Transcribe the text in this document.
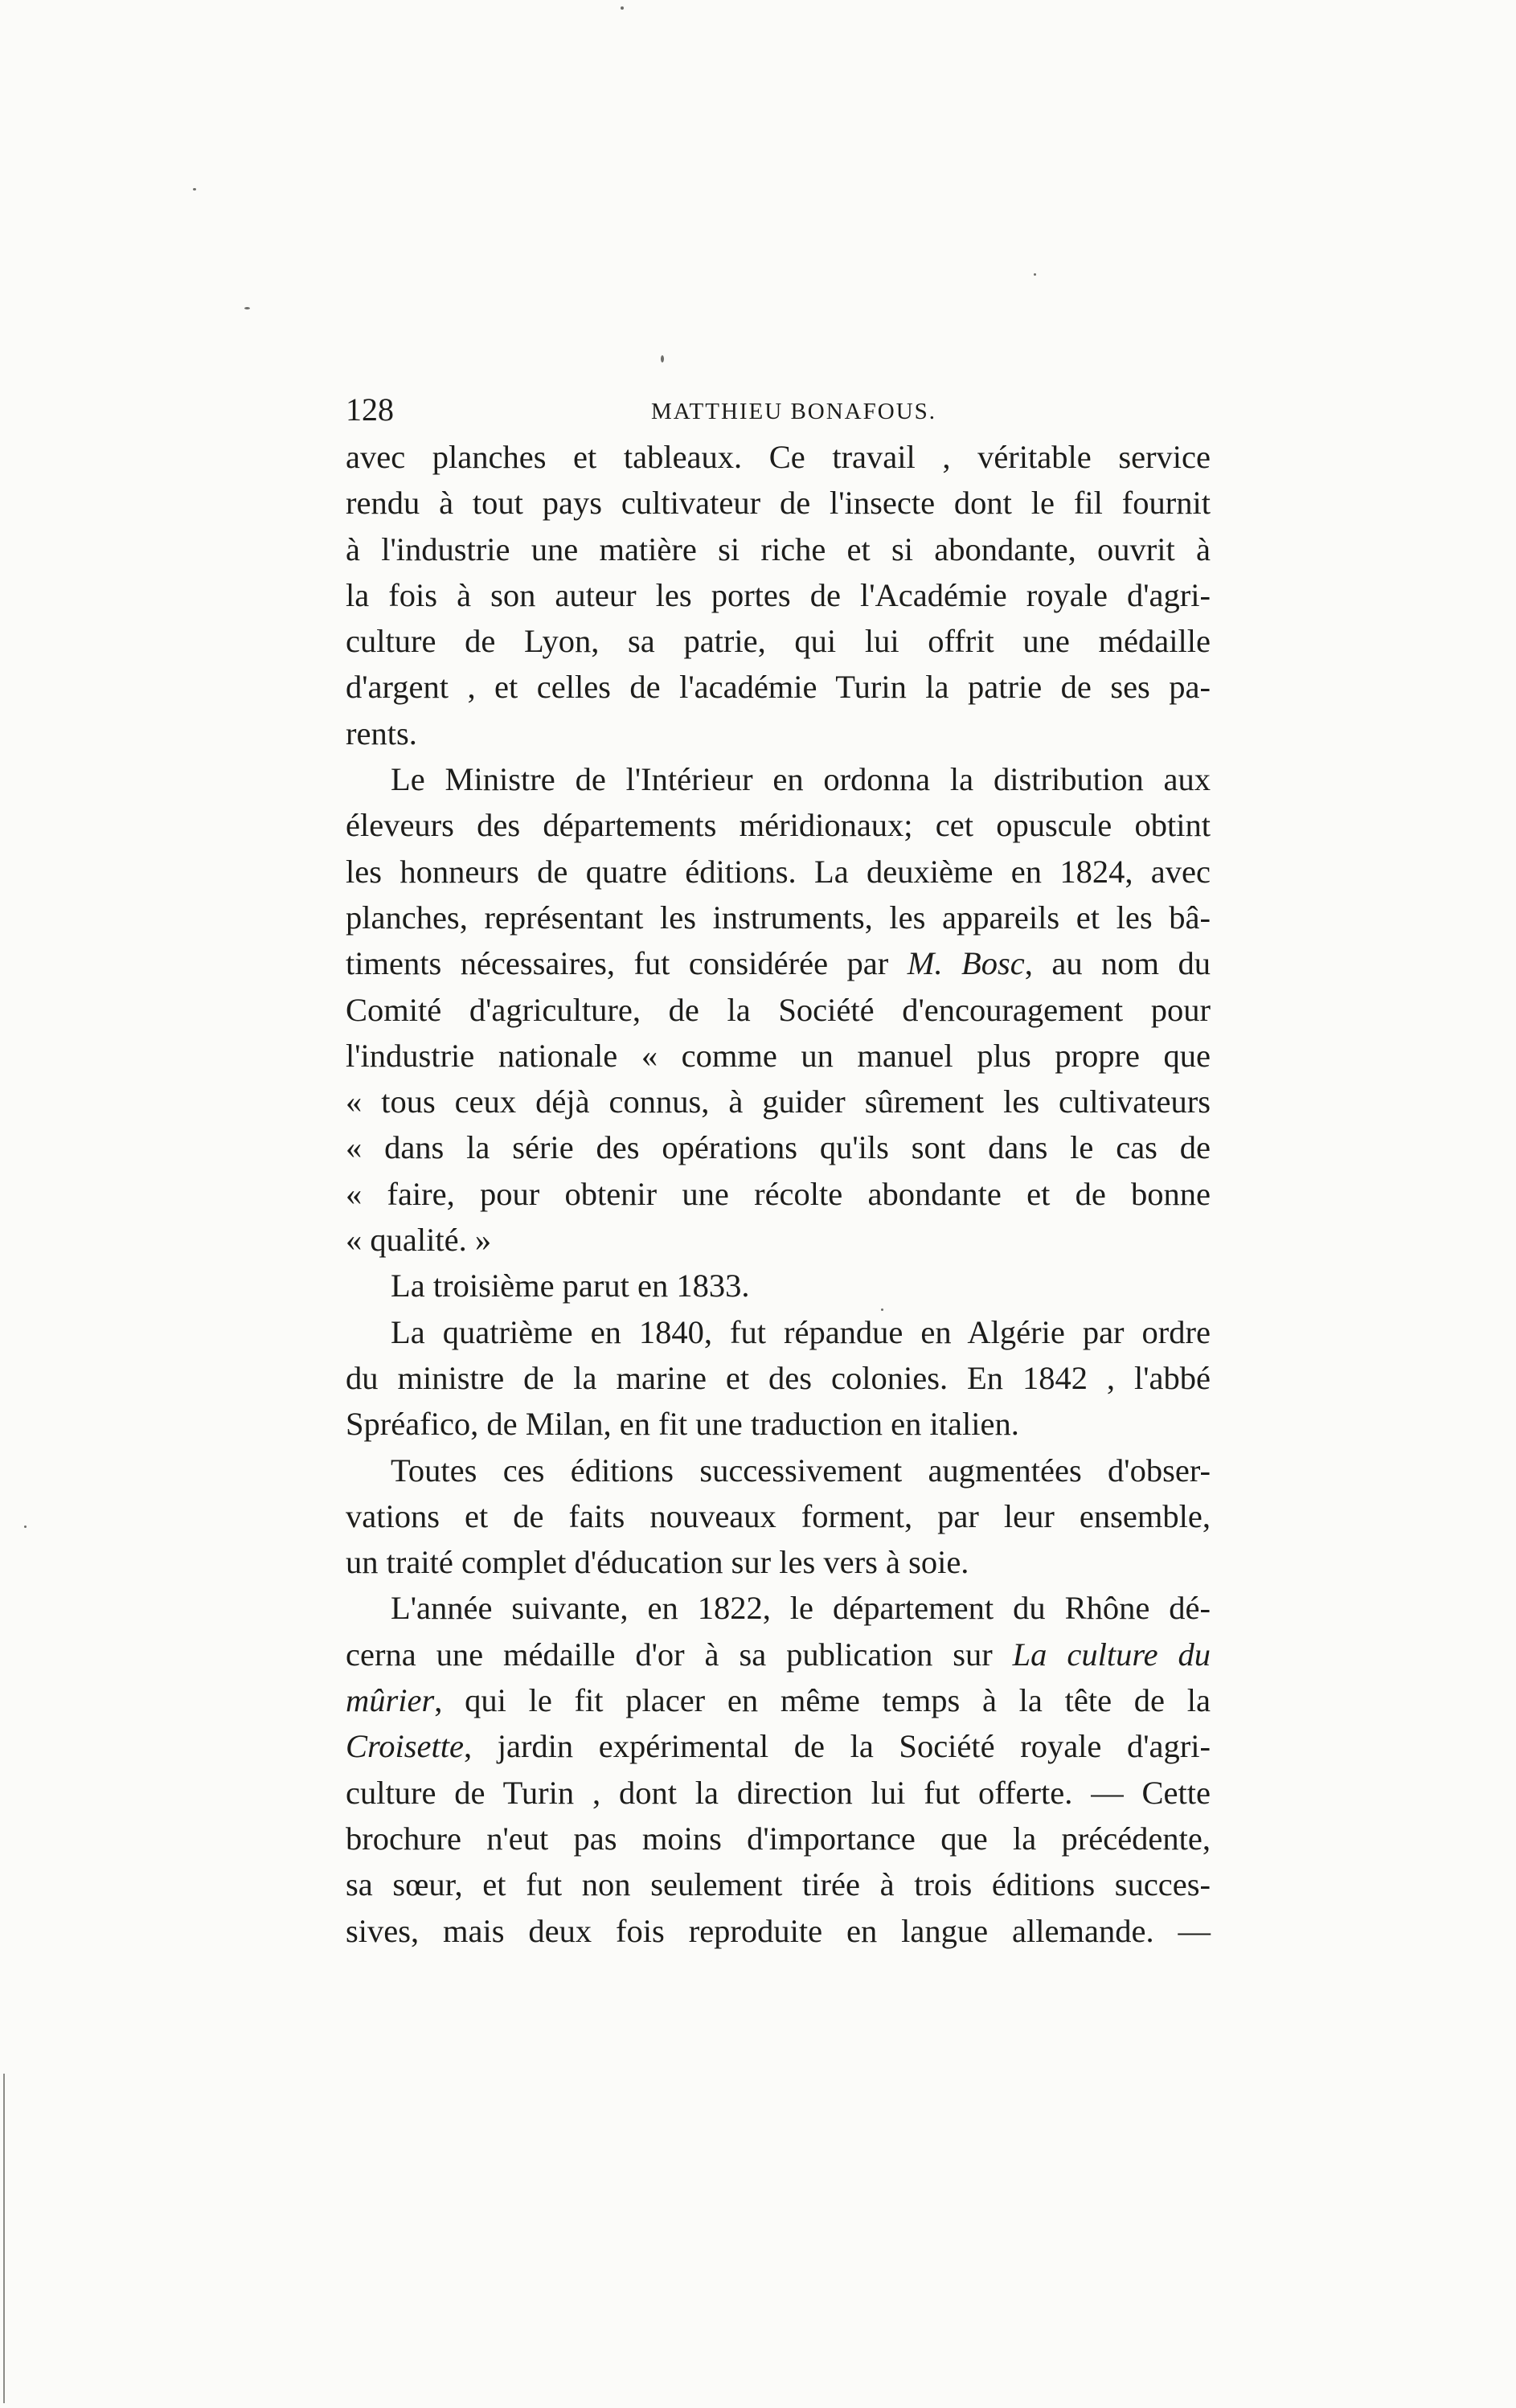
128	MATTHIEU BONAFOUS.
avec planches et tableaux. Ce travail , véritable service
rendu à tout pays cultivateur de l'insecte dont le fil fournit
à l'industrie une matière si riche et si abondante, ouvrit à
la fois à son auteur les portes de l'Académie royale d'agri-
culture de Lyon, sa patrie, qui lui offrit une médaille
d'argent , et celles de l'académie Turin la patrie de ses pa-
rents.
Le Ministre de l'Intérieur en ordonna la distribution aux
éleveurs des départements méridionaux; cet opuscule obtint
les honneurs de quatre éditions. La deuxième en 1824, avec
planches, représentant les instruments, les appareils et les bâ-
timents nécessaires, fut considérée par M. Bosc, au nom du
Comité d'agriculture, de la Société d'encouragement pour
l'industrie nationale « comme un manuel plus propre que
« tous ceux déjà connus, à guider sûrement les cultivateurs
« dans la série des opérations qu'ils sont dans le cas de
« faire, pour obtenir une récolte abondante et de bonne
« qualité. »
La troisième parut en 1833.
La quatrième en 1840, fut répandue en Algérie par ordre
du ministre de la marine et des colonies. En 1842 , l'abbé
Spréafico, de Milan, en fit une traduction en italien.
Toutes ces éditions successivement augmentées d'obser-
vations et de faits nouveaux forment, par leur ensemble,
un traité complet d'éducation sur les vers à soie.
L'année suivante, en 1822, le département du Rhône dé-
cerna une médaille d'or à sa publication sur La culture du
mûrier, qui le fit placer en même temps à la tête de la
Croisette, jardin expérimental de la Société royale d'agri-
culture de Turin , dont la direction lui fut offerte. — Cette
brochure n'eut pas moins d'importance que la précédente,
sa sœur, et fut non seulement tirée à trois éditions succes-
sives, mais deux fois reproduite en langue allemande. —
